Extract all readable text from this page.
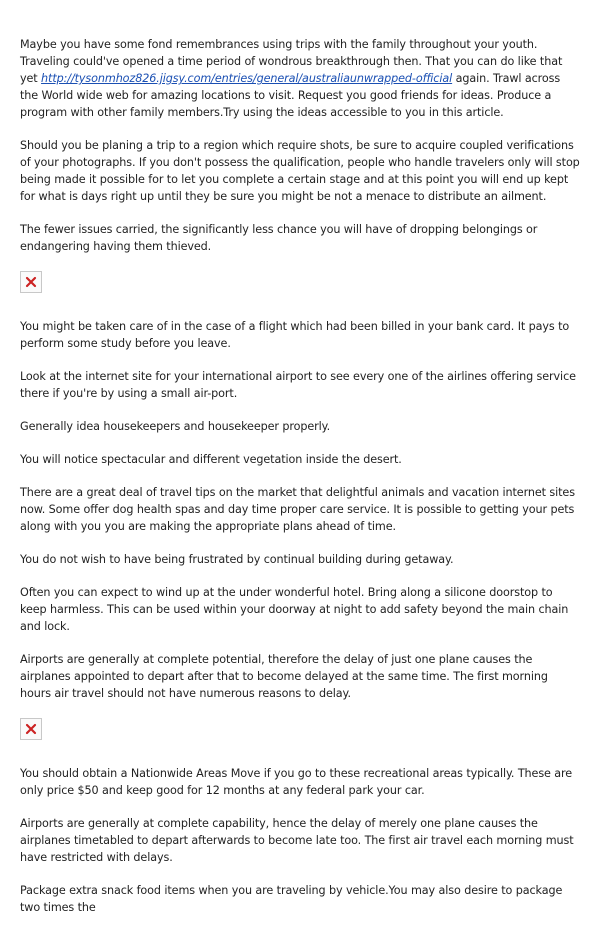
Maybe you have some fond remembrances using trips with the family throughout your youth. Traveling could've opened a time period of wondrous breakthrough then. That you can do like that yet http://tysonmhoz826.jigsy.com/entries/general/australiaunwrapped-official again. Trawl across the World wide web for amazing locations to visit. Request you good friends for ideas. Produce a program with other family members.Try using the ideas accessible to you in this article.

Should you be planing a trip to a region which require shots, be sure to acquire coupled verifications of your photographs. If you don't possess the qualification, people who handle travelers only will stop being made it possible for to let you complete a certain stage and at this point you will end up kept for what is days right up until they be sure you might be not a menace to distribute an ailment.

The fewer issues carried, the significantly less chance you will have of dropping belongings or endangering having them thieved.

You might be taken care of in the case of a flight which had been billed in your bank card. It pays to perform some study before you leave.

Look at the internet site for your international airport to see every one of the airlines offering service there if you're by using a small air-port.

Generally idea housekeepers and housekeeper properly.

You will notice spectacular and different vegetation inside the desert.

There are a great deal of travel tips on the market that delightful animals and vacation internet sites now. Some offer dog health spas and day time proper care service. It is possible to getting your pets along with you you are making the appropriate plans ahead of time.

You do not wish to have being frustrated by continual building during getaway.

Often you can expect to wind up at the under wonderful hotel. Bring along a silicone doorstop to keep harmless. This can be used within your doorway at night to add safety beyond the main chain and lock.

Airports are generally at complete potential, therefore the delay of just one plane causes the airplanes appointed to depart after that to become delayed at the same time. The first morning hours air travel should not have numerous reasons to delay.

You should obtain a Nationwide Areas Move if you go to these recreational areas typically. These are only price $50 and keep good for 12 months at any federal park your car.

Airports are generally at complete capability, hence the delay of merely one plane causes the airplanes timetabled to depart afterwards to become late too. The first air travel each morning must have restricted with delays.

Package extra snack food items when you are traveling by vehicle.You may also desire to package two times the
